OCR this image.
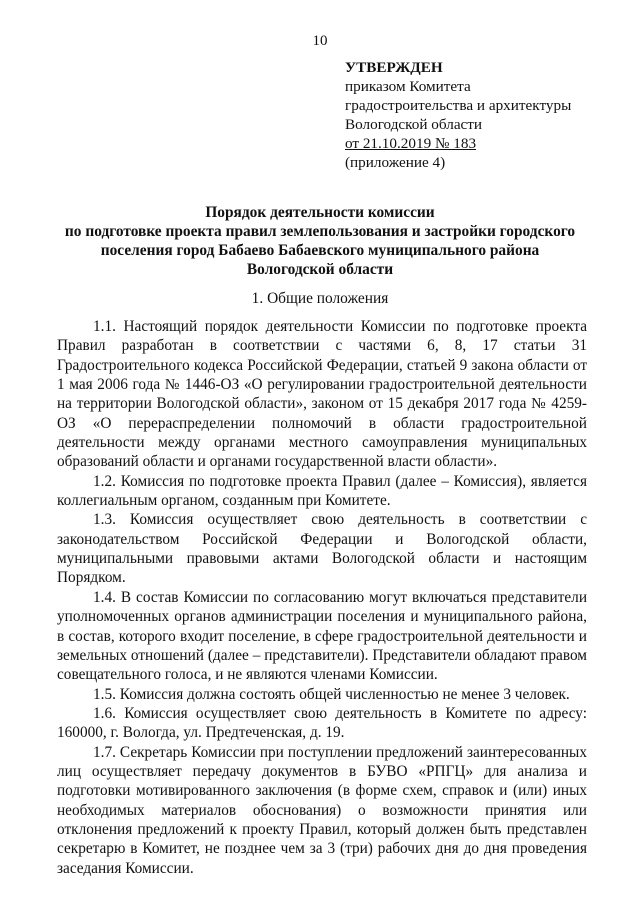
10
УТВЕРЖДЕН
приказом Комитета
градостроительства и архитектуры
Вологодской области
от 21.10.2019 № 183
(приложение 4)
Порядок деятельности комиссии
по подготовке проекта правил землепользования и застройки городского
поселения город Бабаево Бабаевского муниципального района
Вологодской области
1. Общие положения

1.1. Настоящий порядок деятельности Комиссии по подготовке проекта Правил разработан в соответствии с частями 6, 8, 17 статьи 31 Градостроительного кодекса Российской Федерации, статьей 9 закона области от 1 мая 2006 года № 1446-ОЗ «О регулировании градостроительной деятельности на территории Вологодской области», законом от 15 декабря 2017 года № 4259-ОЗ «О перераспределении полномочий в области градостроительной деятельности между органами местного самоуправления муниципальных образований области и органами государственной власти области».

1.2. Комиссия по подготовке проекта Правил (далее – Комиссия), является коллегиальным органом, созданным при Комитете.

1.3. Комиссия осуществляет свою деятельность в соответствии с законодательством Российской Федерации и Вологодской области, муниципальными правовыми актами Вологодской области и настоящим Порядком.

1.4. В состав Комиссии по согласованию могут включаться представители уполномоченных органов администрации поселения и муниципального района, в состав, которого входит поселение, в сфере градостроительной деятельности и земельных отношений (далее – представители). Представители обладают правом совещательного голоса, и не являются членами Комиссии.

1.5. Комиссия должна состоять общей численностью не менее 3 человек.

1.6. Комиссия осуществляет свою деятельность в Комитете по адресу: 160000, г. Вологда, ул. Предтеченская, д. 19.

1.7. Секретарь Комиссии при поступлении предложений заинтересованных лиц осуществляет передачу документов в БУВО «РПГЦ» для анализа и подготовки мотивированного заключения (в форме схем, справок и (или) иных необходимых материалов обоснования) о возможности принятия или отклонения предложений к проекту Правил, который должен быть представлен секретарю в Комитет, не позднее чем за 3 (три) рабочих дня до дня проведения заседания Комиссии.
